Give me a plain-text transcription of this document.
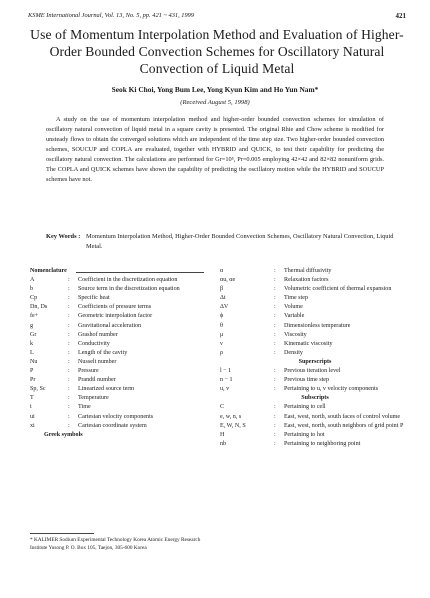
KSME International Journal, Vol. 13, No. 5, pp. 421 ~ 431, 1999	421
Use of Momentum Interpolation Method and Evaluation of Higher-Order Bounded Convection Schemes for Oscillatory Natural Convection of Liquid Metal
Seok Ki Choi, Yong Bum Lee, Yong Kyun Kim and Ho Yun Nam*
(Received August 5, 1998)
A study on the use of momentum interpolation method and higher-order bounded convection schemes for simulation of oscillatory natural convection of liquid metal in a square cavity is presented. The original Rhie and Chow scheme is modified for unsteady flows to obtain the converged solutions which are independent of the time step size. Two higher-order bounded convection schemes, SOUCUP and COPLA are evaluated, together with HYBRID and QUICK, to test their capability for predicting the oscillatory natural convection. The calculations are performed for Gr=10⁵, Pr=0.005 employing 42×42 and 82×82 nonuniform grids. The COPLA and QUICK schemes have shown the capability of predicting the oscillatory motion while the HYBRID and SOUCUP schemes have not.
Key Words : Momentum Interpolation Method, Higher-Order Bounded Convection Schemes, Oscillatory Natural Convection, Liquid Metal.
Nomenclature
A	:	Coefficient in the discretization equation
b	:	Source term in the discretization equation
Cp	:	Specific heat
Dn, Ds	:	Coefficients of pressure terms
fe+	:	Geometric interpolation factor
g	:	Gravitational acceleration
Gr	:	Grashof number
k	:	Conductivity
L	:	Length of the cavity
Nu	:	Nusselt number
P	:	Pressure
Pr	:	Prandtl number
Sp, Sc	:	Linearized source term
T	:	Temperature
t	:	Time
ui	:	Cartesian velocity components
xi	:	Cartesian coordinate system
Greek symbols
α	:	Thermal diffusivity
αu, αe	:	Relaxation factors
β	:	Volumetric coefficient of thermal expansion
Δt	:	Time step
ΔV	:	Volume
ϕ	:	Variable
θ	:	Dimensionless temperature
μ	:	Viscosity
ν	:	Kinematic viscosity
ρ	:	Density
Superscripts
l − 1	:	Previous iteration level
n − 1	:	Previous time step
u, v	:	Pertaining to u, v velocity components
Subscripts
C	:	Pertaining to cell
e, w, n, s	:	East, west, north, south faces of control volume
E, W, N, S	:	East, west, north, south neighbors of grid point P
H	:	Pertaining to hot
nb	:	Pertaining to neighboring point
* KALIMER Sodium Experimental Technology Korea Atomic Energy Research Institute Yusong P. O. Box 105, Taejon, 305-600 Korea
